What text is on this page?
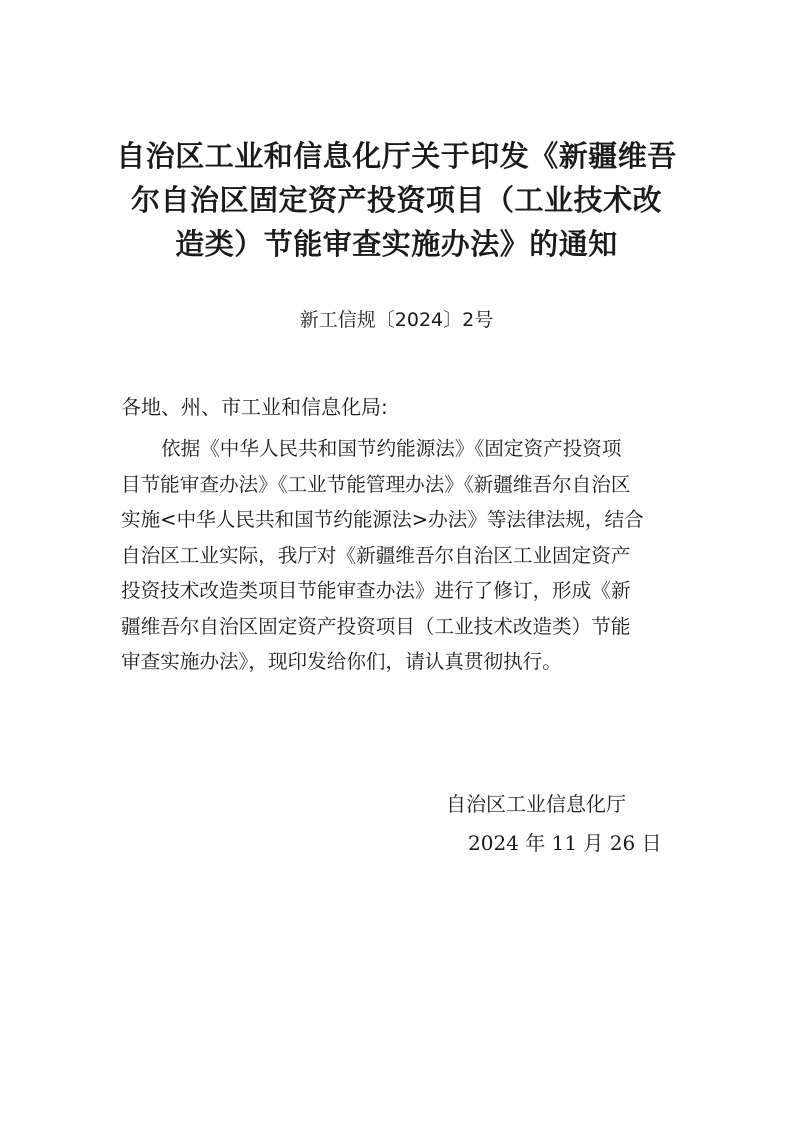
自治区工业和信息化厅关于印发《新疆维吾
尔自治区固定资产投资项目（工业技术改
造类）节能审查实施办法》的通知
新工信规〔2024〕2号
各地、州、市工业和信息化局:
依据《中华人民共和国节约能源法》《固定资产投资项
目节能审查办法》《工业节能管理办法》《新疆维吾尔自治区
实施<中华人民共和国节约能源法>办法》等法律法规，结合
自治区工业实际，我厅对《新疆维吾尔自治区工业固定资产
投资技术改造类项目节能审查办法》进行了修订，形成《新
疆维吾尔自治区固定资产投资项目（工业技术改造类）节能
审查实施办法》，现印发给你们，请认真贯彻执行。
自治区工业信息化厅
2024 年 11 月 26 日
